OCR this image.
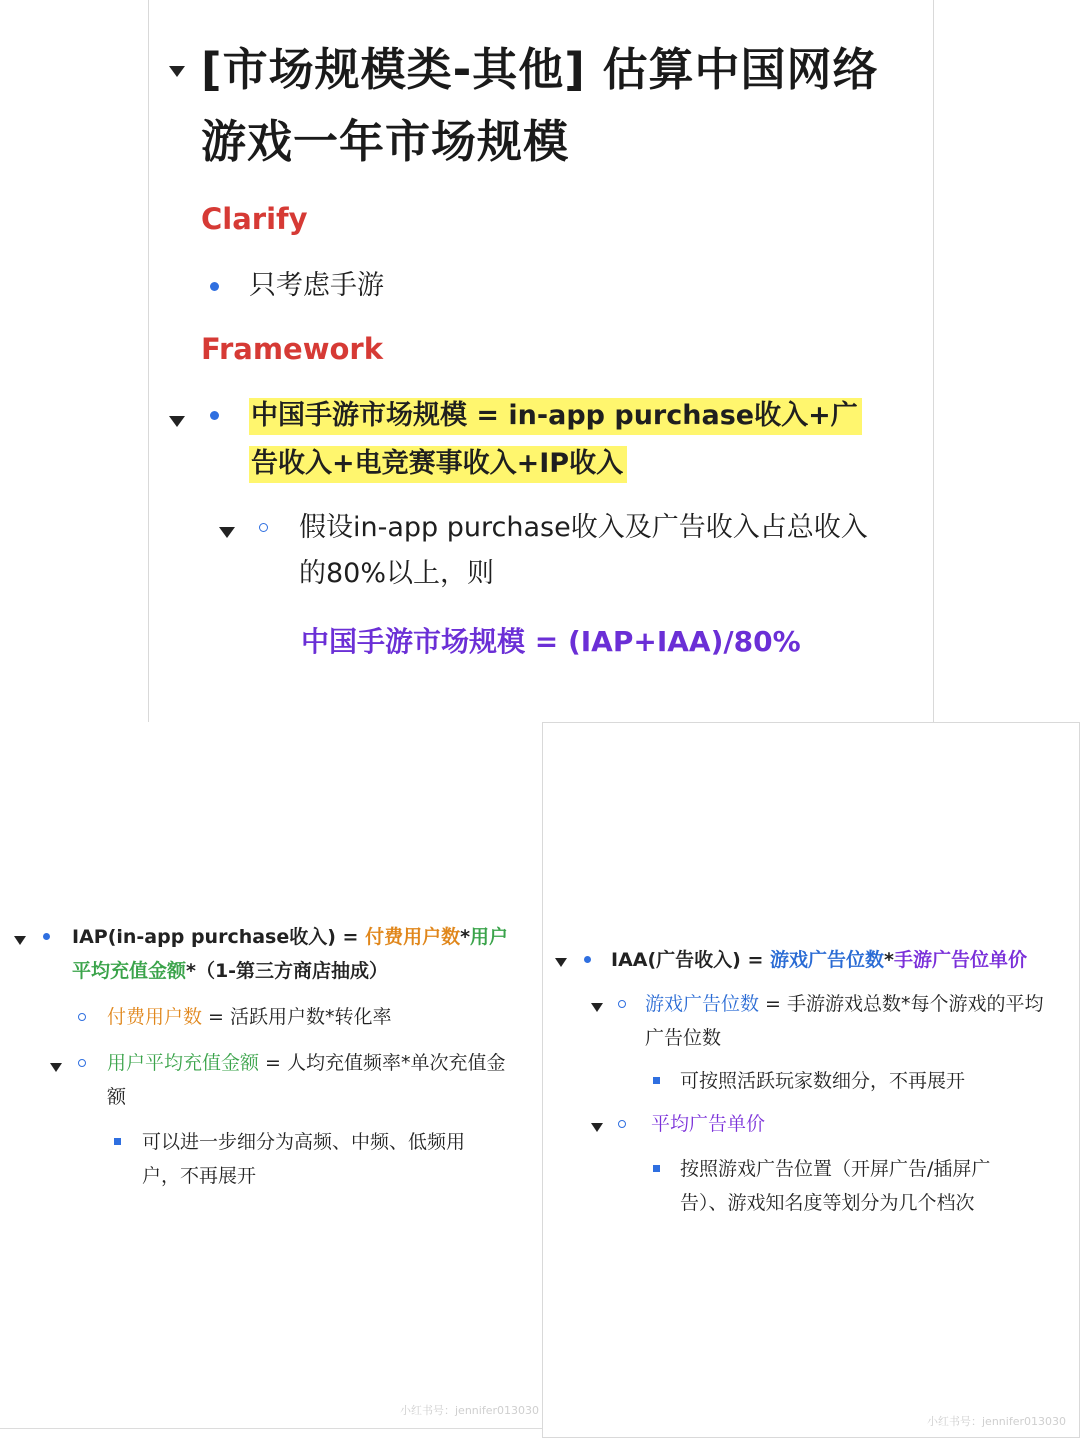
[市场规模类-其他] 估算中国网络游戏一年市场规模
Clarify
只考虑手游
Framework
中国手游市场规模 = in-app purchase收入+广告收入+电竞赛事收入+IP收入
假设in-app purchase收入及广告收入占总收入的80%以上，则
中国手游市场规模 = (IAP+IAA)/80%
IAP(in-app purchase收入) = 付费用户数*用户平均充值金额*（1-第三方商店抽成）
付费用户数 = 活跃用户数*转化率
用户平均充值金额 = 人均充值频率*单次充值金额
可以进一步细分为高频、中频、低频用户，不再展开
小红书号：jennifer013030
IAA(广告收入) = 游戏广告位数*手游广告位单价
游戏广告位数 = 手游游戏总数*每个游戏的平均广告位数
可按照活跃玩家数细分，不再展开
平均广告单价
按照游戏广告位置（开屏广告/插屏广告）、游戏知名度等划分为几个档次
小红书号：jennifer013030
